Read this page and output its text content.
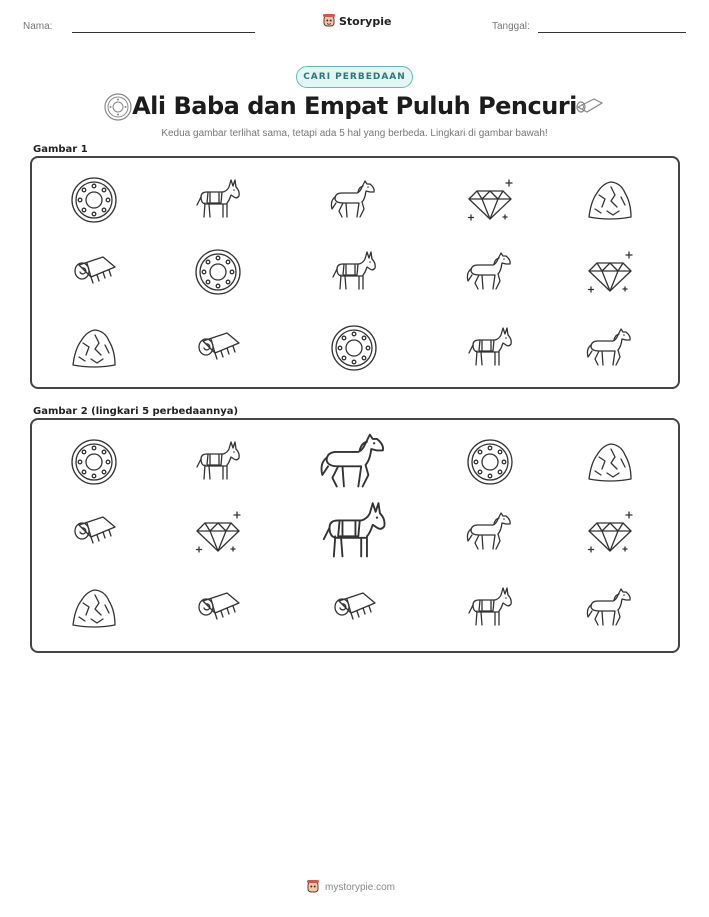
Nama:	Storypie	Tanggal:
CARI PERBEDAAN
Ali Baba dan Empat Puluh Pencuri
Kedua gambar terlihat sama, tetapi ada 5 hal yang berbeda. Lingkari di gambar bawah!
Gambar 1
Gambar 2 (lingkari 5 perbedaannya)
mystorypie.com
